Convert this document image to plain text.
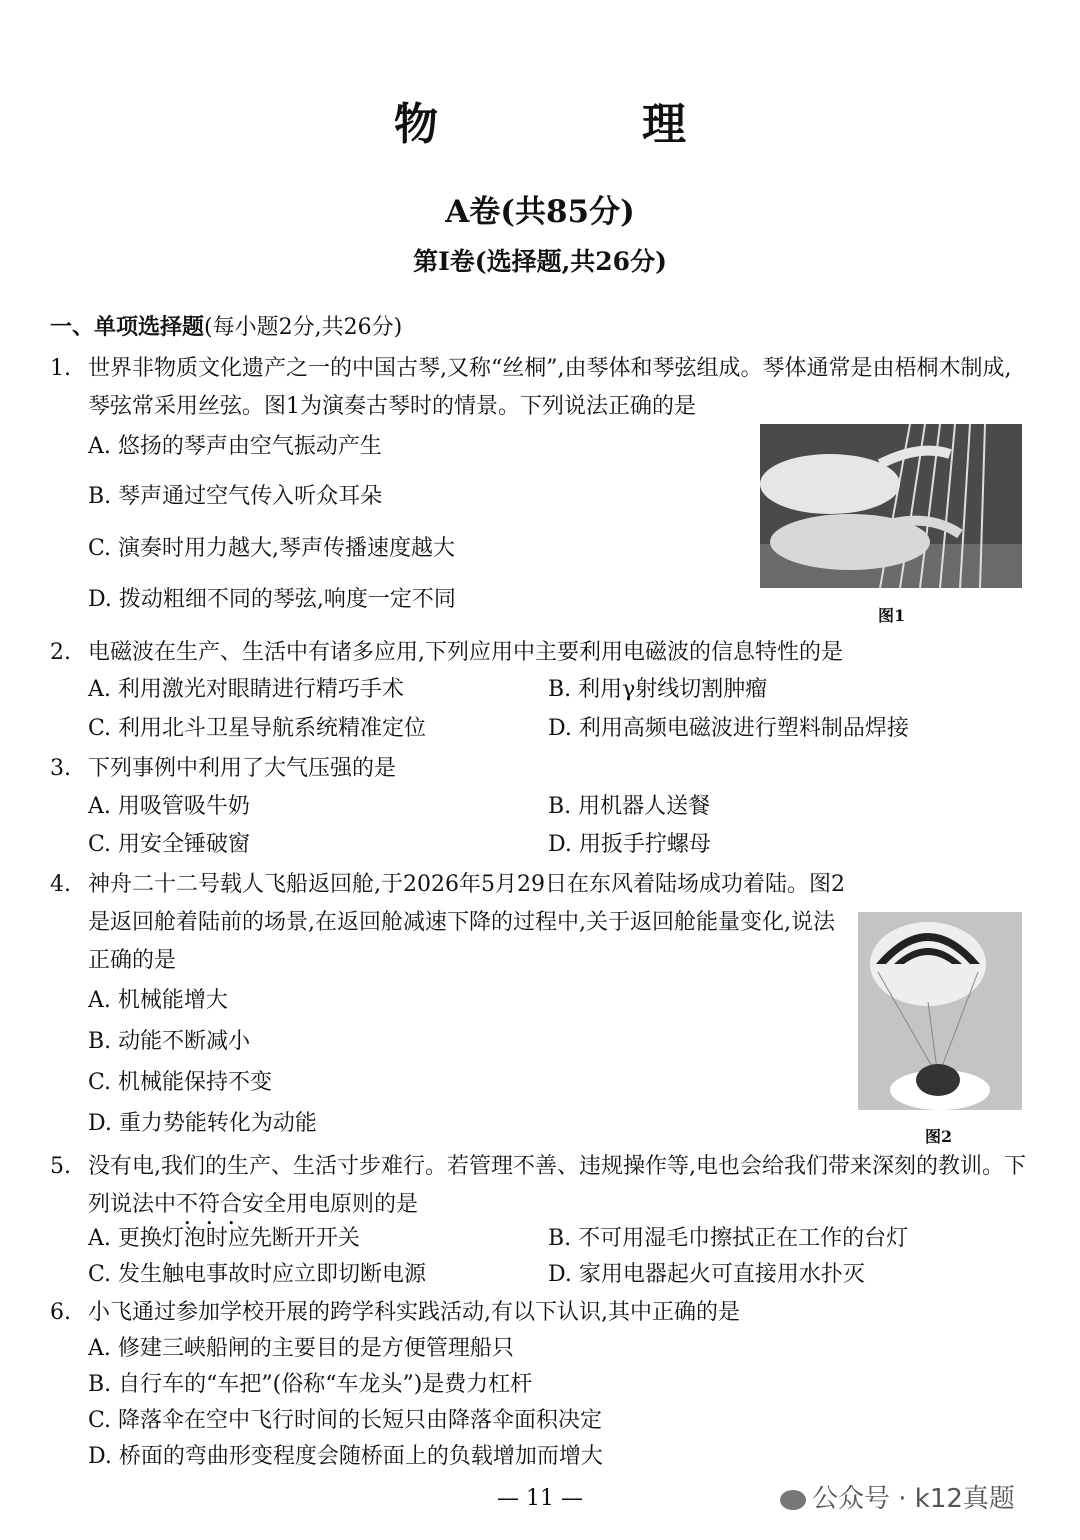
物　理
A卷(共85分)
第Ⅰ卷(选择题,共26分)
一、单项选择题(每小题2分,共26分)
1. 世界非物质文化遗产之一的中国古琴,又称“丝桐”,由琴体和琴弦组成。琴体通常是由梧桐木制成,琴弦常采用丝弦。图1为演奏古琴时的情景。下列说法正确的是
A. 悠扬的琴声由空气振动产生
B. 琴声通过空气传入听众耳朵
C. 演奏时用力越大,琴声传播速度越大
D. 拨动粗细不同的琴弦,响度一定不同
图1
2. 电磁波在生产、生活中有诸多应用,下列应用中主要利用电磁波的信息特性的是
A. 利用激光对眼睛进行精巧手术	B. 利用γ射线切割肿瘤
C. 利用北斗卫星导航系统精准定位	D. 利用高频电磁波进行塑料制品焊接
3. 下列事例中利用了大气压强的是
A. 用吸管吸牛奶	B. 用机器人送餐
C. 用安全锤破窗	D. 用扳手拧螺母
4. 神舟二十二号载人飞船返回舱,于2026年5月29日在东风着陆场成功着陆。图2是返回舱着陆前的场景,在返回舱减速下降的过程中,关于返回舱能量变化,说法正确的是
A. 机械能增大
B. 动能不断减小
C. 机械能保持不变
D. 重力势能转化为动能
图2
5. 没有电,我们的生产、生活寸步难行。若管理不善、违规操作等,电也会给我们带来深刻的教训。下列说法中不符合安全用电原则的是
A. 更换灯泡时应先断开开关	B. 不可用湿毛巾擦拭正在工作的台灯
C. 发生触电事故时应立即切断电源	D. 家用电器起火可直接用水扑灭
6. 小飞通过参加学校开展的跨学科实践活动,有以下认识,其中正确的是
A. 修建三峡船闸的主要目的是方便管理船只
B. 自行车的“车把”(俗称“车龙头”)是费力杠杆
C. 降落伞在空中飞行时间的长短只由降落伞面积决定
D. 桥面的弯曲形变程度会随桥面上的负载增加而增大
— 11 —	公众号 · k12真题
